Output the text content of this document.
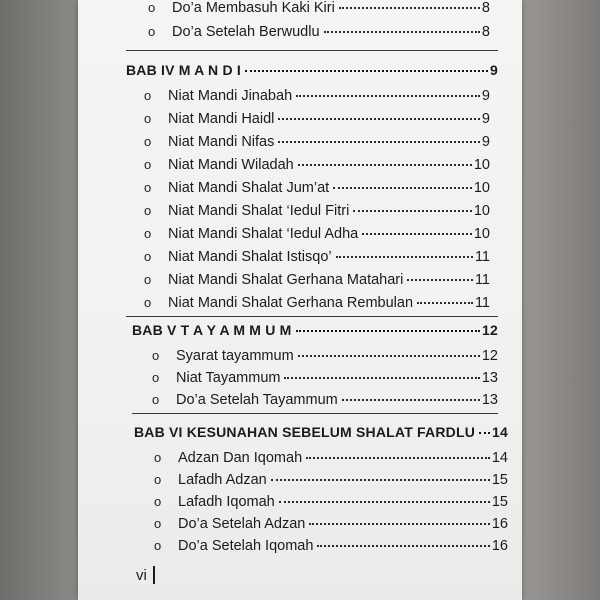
o	Do’a Membasuh Kaki Kiri	8
o	Do’a Setelah Berwudlu	8
BAB IV M A N D I	9
o	Niat Mandi Jinabah	9
o	Niat Mandi Haidl	9
o	Niat Mandi Nifas	9
o	Niat Mandi Wiladah	10
o	Niat Mandi Shalat Jum’at	10
o	Niat Mandi Shalat ‘Iedul Fitri	10
o	Niat Mandi Shalat ‘Iedul Adha	10
o	Niat Mandi Shalat Istisqo’	11
o	Niat Mandi Shalat Gerhana Matahari	11
o	Niat Mandi Shalat Gerhana Rembulan	11
BAB V T A Y A M M U M	12
o	Syarat tayammum	12
o	Niat Tayammum	13
o	Do’a Setelah Tayammum	13
BAB VI KESUNAHAN SEBELUM SHALAT FARDLU 14
o	Adzan Dan Iqomah	14
o	Lafadh Adzan	15
o	Lafadh Iqomah	15
o	Do’a Setelah Adzan	16
o	Do’a Setelah Iqomah	16
vi
